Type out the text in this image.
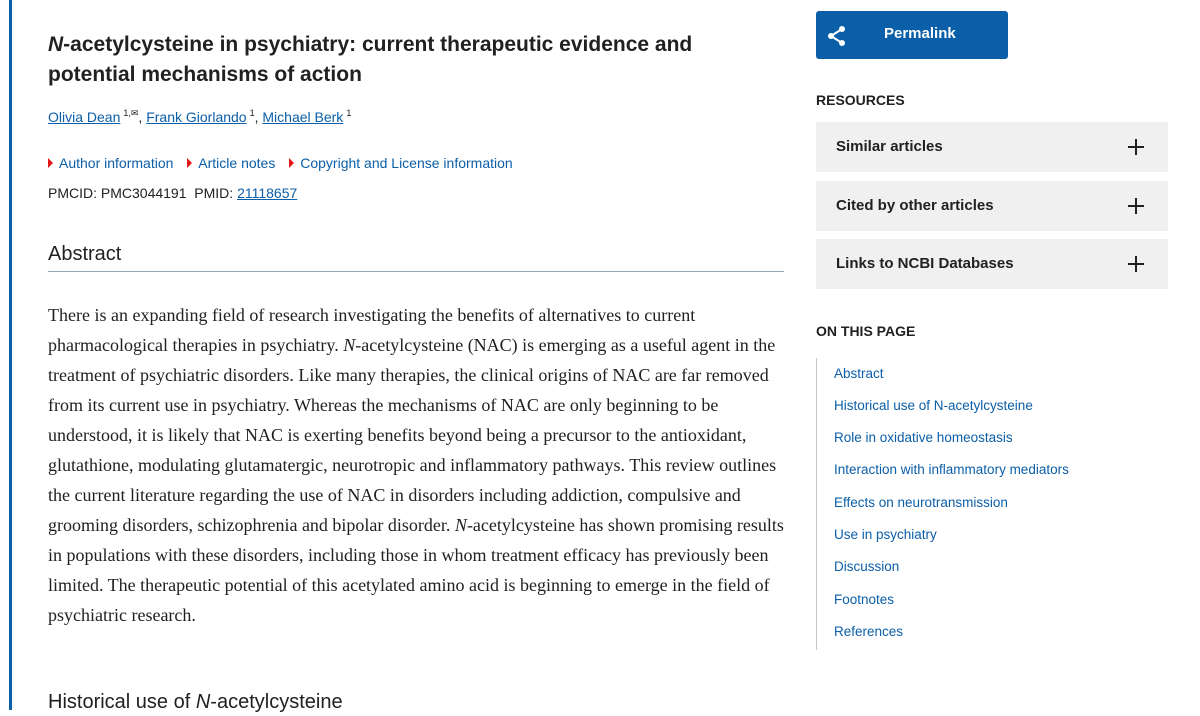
N-acetylcysteine in psychiatry: current therapeutic evidence and potential mechanisms of action
Olivia Dean $^{1,✉}$, Frank Giorlando $^1$, Michael Berk $^1$
Author information Article notes Copyright and License information
PMCID: PMC3044191 PMID: 21118657
Abstract

There is an expanding field of research investigating the benefits of alternatives to current pharmacological therapies in psychiatry. N-acetylcysteine (NAC) is emerging as a useful agent in the treatment of psychiatric disorders. Like many therapies, the clinical origins of NAC are far removed from its current use in psychiatry. Whereas the mechanisms of NAC are only beginning to be understood, it is likely that NAC is exerting benefits beyond being a precursor to the antioxidant, glutathione, modulating glutamatergic, neurotropic and inflammatory pathways. This review outlines the current literature regarding the use of NAC in disorders including addiction, compulsive and grooming disorders, schizophrenia and bipolar disorder. N-acetylcysteine has shown promising results in populations with these disorders, including those in whom treatment efficacy has previously been limited. The therapeutic potential of this acetylated amino acid is beginning to emerge in the field of psychiatric research.

Historical use of N-acetylcysteine
Permalink
RESOURCES
Similar articles
Cited by other articles
Links to NCBI Databases
ON THIS PAGE
Abstract
Historical use of N-acetylcysteine
Role in oxidative homeostasis
Interaction with inflammatory mediators
Effects on neurotransmission
Use in psychiatry
Discussion
Footnotes
References
